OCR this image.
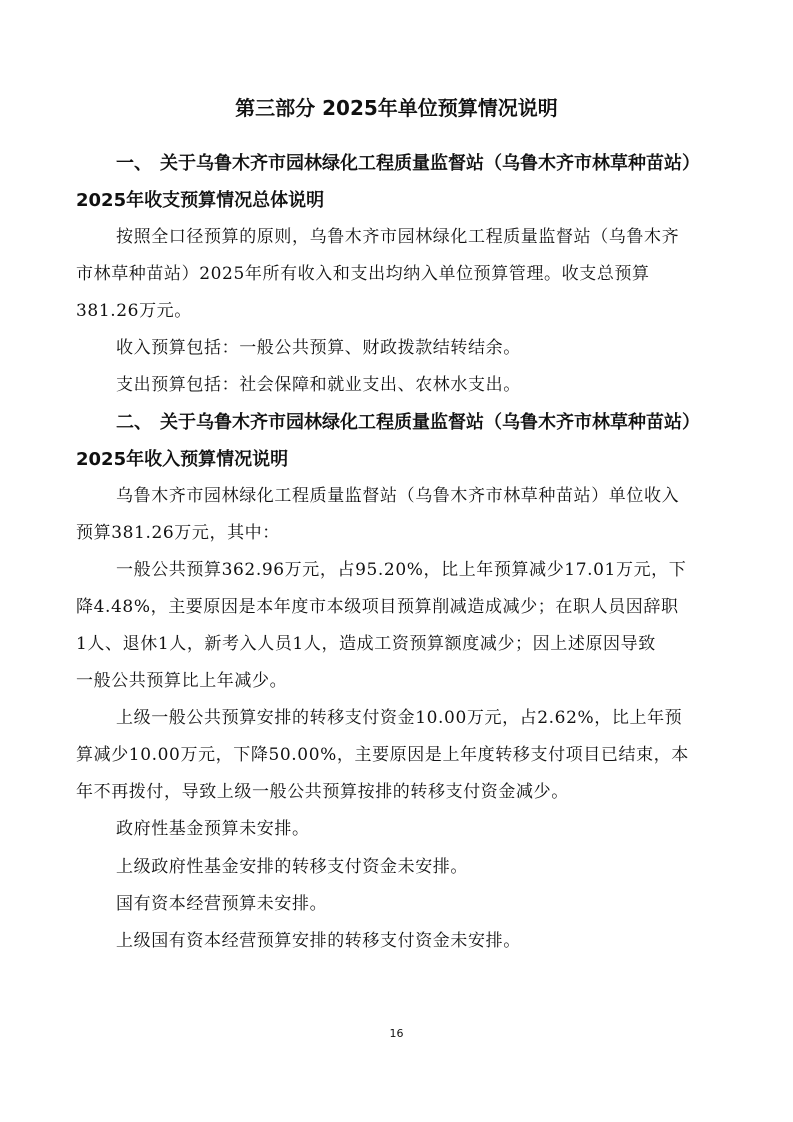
第三部分 2025年单位预算情况说明
一、 关于乌鲁木齐市园林绿化工程质量监督站（乌鲁木齐市林草种苗站）
2025年收支预算情况总体说明

按照全口径预算的原则，乌鲁木齐市园林绿化工程质量监督站（乌鲁木齐
市林草种苗站）2025年所有收入和支出均纳入单位预算管理。收支总预算
381.26万元。

收入预算包括：一般公共预算、财政拨款结转结余。

支出预算包括：社会保障和就业支出、农林水支出。

二、 关于乌鲁木齐市园林绿化工程质量监督站（乌鲁木齐市林草种苗站）
2025年收入预算情况说明

乌鲁木齐市园林绿化工程质量监督站（乌鲁木齐市林草种苗站）单位收入
预算381.26万元，其中：

一般公共预算362.96万元，占95.20%，比上年预算减少17.01万元，下
降4.48%，主要原因是本年度市本级项目预算削减造成减少；在职人员因辞职
1人、退休1人，新考入人员1人，造成工资预算额度减少；因上述原因导致
一般公共预算比上年减少。

上级一般公共预算安排的转移支付资金10.00万元，占2.62%，比上年预
算减少10.00万元，下降50.00%，主要原因是上年度转移支付项目已结束，本
年不再拨付，导致上级一般公共预算按排的转移支付资金减少。

政府性基金预算未安排。

上级政府性基金安排的转移支付资金未安排。

国有资本经营预算未安排。

上级国有资本经营预算安排的转移支付资金未安排。

16
